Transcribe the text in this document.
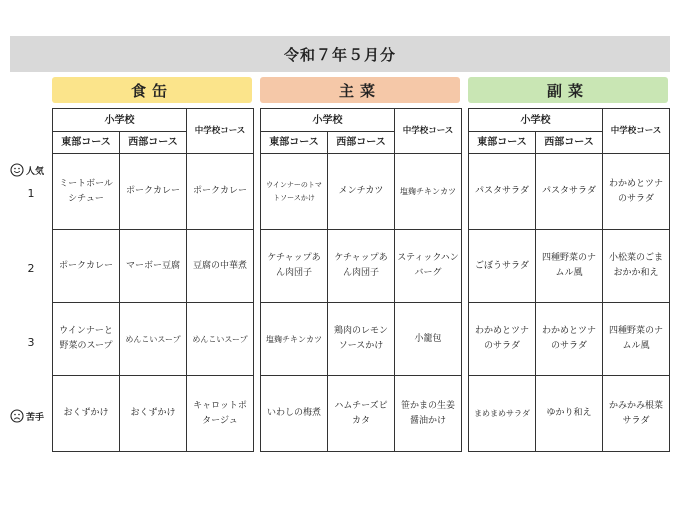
令和７年５月分
食缶	主菜	副菜
人気
1
2
3
苦手
小学校		中学校コース
東部コース	西部コース	
ミートボールシチュー	ポークカレー	ポークカレー
ポークカレー	マーボー豆腐	豆腐の中華煮
ウインナーと野菜のスープ	めんこいスープ	めんこいスープ
おくずかけ	おくずかけ	キャロットポタージュ
小学校		中学校コース
東部コース	西部コース	
ウインナーのトマトソースかけ	メンチカツ	塩麹チキンカツ
ケチャップあん肉団子	ケチャップあん肉団子	スティックハンバーグ
塩麹チキンカツ	鶏肉のレモンソースかけ	小籠包
いわしの梅煮	ハムチーズピカタ	笹かまの生姜醤油かけ
小学校		中学校コース
東部コース	西部コース	
パスタサラダ	パスタサラダ	わかめとツナのサラダ
ごぼうサラダ	四種野菜のナムル風	小松菜のごまおかか和え
わかめとツナのサラダ	わかめとツナのサラダ	四種野菜のナムル風
まめまめサラダ	ゆかり和え	かみかみ根菜サラダ
